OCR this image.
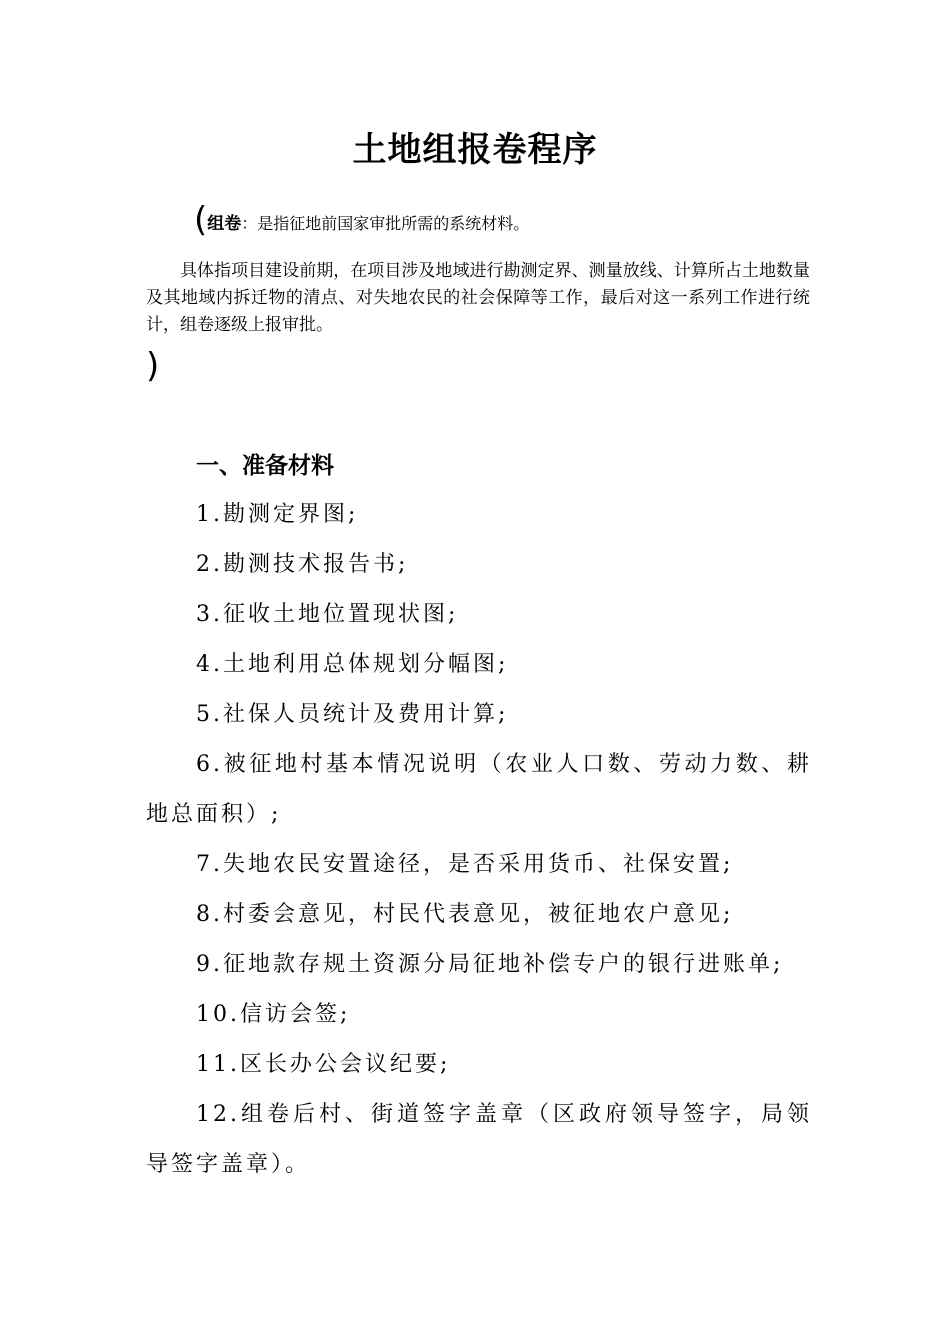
土地组报卷程序
(组卷：是指征地前国家审批所需的系统材料。
具体指项目建设前期，在项目涉及地域进行勘测定界、测量放线、计算所占土地数量及其地域内拆迁物的清点、对失地农民的社会保障等工作，最后对这一系列工作进行统计，组卷逐级上报审批。
)
一、准备材料
1.勘测定界图;
2.勘测技术报告书;
3.征收土地位置现状图;
4.土地利用总体规划分幅图;
5.社保人员统计及费用计算;
6.被征地村基本情况说明（农业人口数、劳动力数、耕地总面积）;
7.失地农民安置途径，是否采用货币、社保安置;
8.村委会意见，村民代表意见，被征地农户意见;
9.征地款存规土资源分局征地补偿专户的银行进账单;
10.信访会签;
11.区长办公会议纪要;
12.组卷后村、街道签字盖章（区政府领导签字，局领导签字盖章）。
